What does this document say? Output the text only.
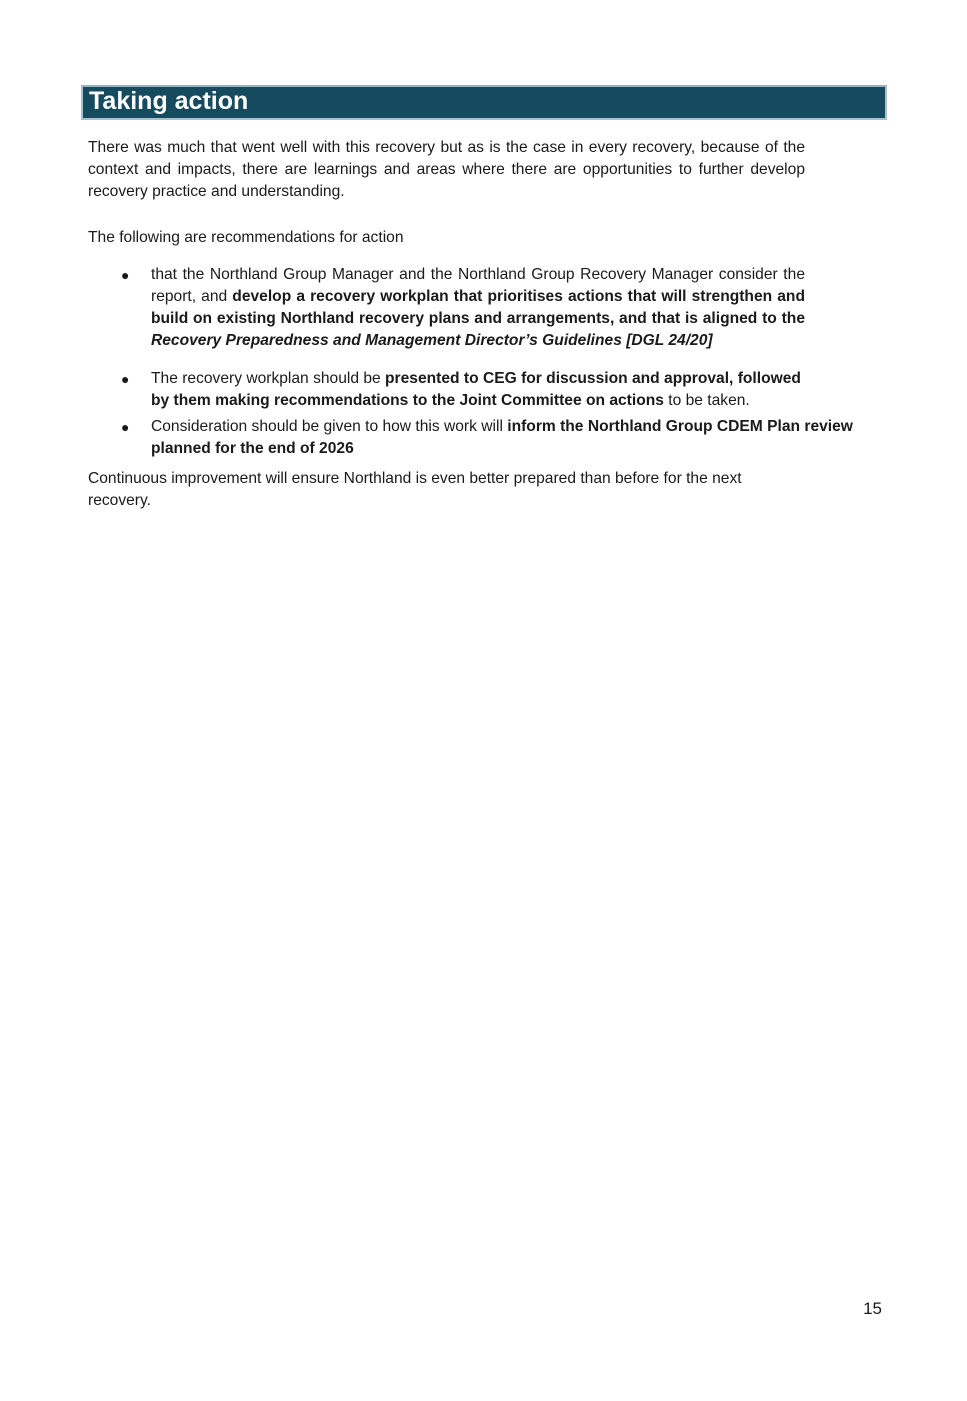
Taking action

There was much that went well with this recovery but as is the case in every recovery, because of the context and impacts, there are learnings and areas where there are opportunities to further develop recovery practice and understanding.

The following are recommendations for action

●	that the Northland Group Manager and the Northland Group Recovery Manager consider the report, and develop a recovery workplan that prioritises actions that will strengthen and build on existing Northland recovery plans and arrangements, and that is aligned to the Recovery Preparedness and Management Director’s Guidelines [DGL 24/20]
●	The recovery workplan should be presented to CEG for discussion and approval, followed by them making recommendations to the Joint Committee on actions to be taken.
●	Consideration should be given to how this work will inform the Northland Group CDEM Plan review planned for the end of 2026

Continuous improvement will ensure Northland is even better prepared than before for the next recovery.

15
